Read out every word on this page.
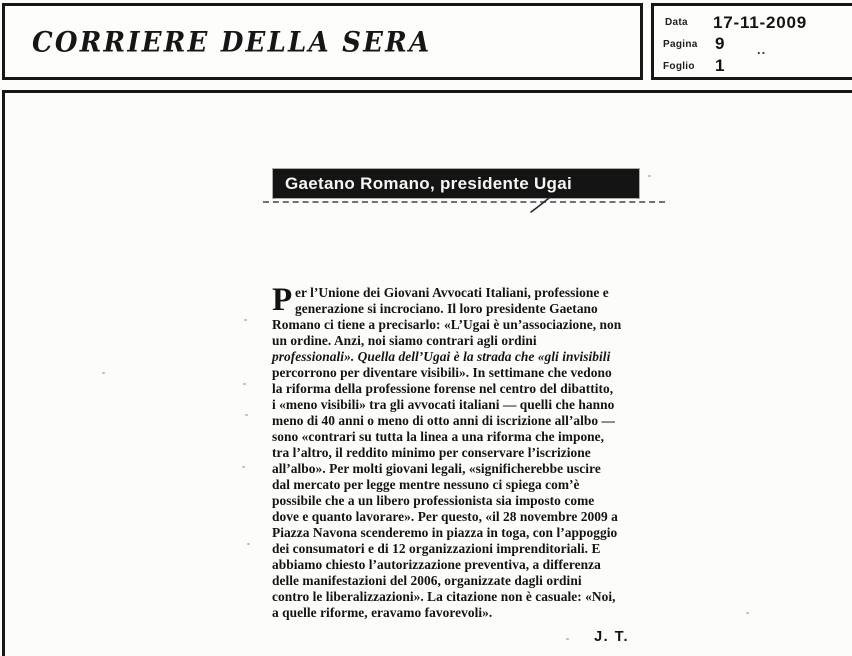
CORRIERE DELLA SERA
Data 17-11-2009
Pagina 9
Foglio 1
..
Gaetano Romano, presidente Ugai
P er l’Unione dei Giovani Avvocati Italiani, professione e
generazione si incrociano. Il loro presidente Gaetano
Romano ci tiene a precisarlo: «L’Ugai è un’associazione, non
un ordine. Anzi, noi siamo contrari agli ordini
professionali». Quella dell’Ugai è la strada che «gli invisibili
percorrono per diventare visibili». In settimane che vedono
la riforma della professione forense nel centro del dibattito,
i «meno visibili» tra gli avvocati italiani — quelli che hanno
meno di 40 anni o meno di otto anni di iscrizione all’albo —
sono «contrari su tutta la linea a una riforma che impone,
tra l’altro, il reddito minimo per conservare l’iscrizione
all’albo». Per molti giovani legali, «significherebbe uscire
dal mercato per legge mentre nessuno ci spiega com’è
possibile che a un libero professionista sia imposto come
dove e quanto lavorare». Per questo, «il 28 novembre 2009 a
Piazza Navona scenderemo in piazza in toga, con l’appoggio
dei consumatori e di 12 organizzazioni imprenditoriali. E
abbiamo chiesto l’autorizzazione preventiva, a differenza
delle manifestazioni del 2006, organizzate dagli ordini
contro le liberalizzazioni». La citazione non è casuale: «Noi,
a quelle riforme, eravamo favorevoli».
J. T.
